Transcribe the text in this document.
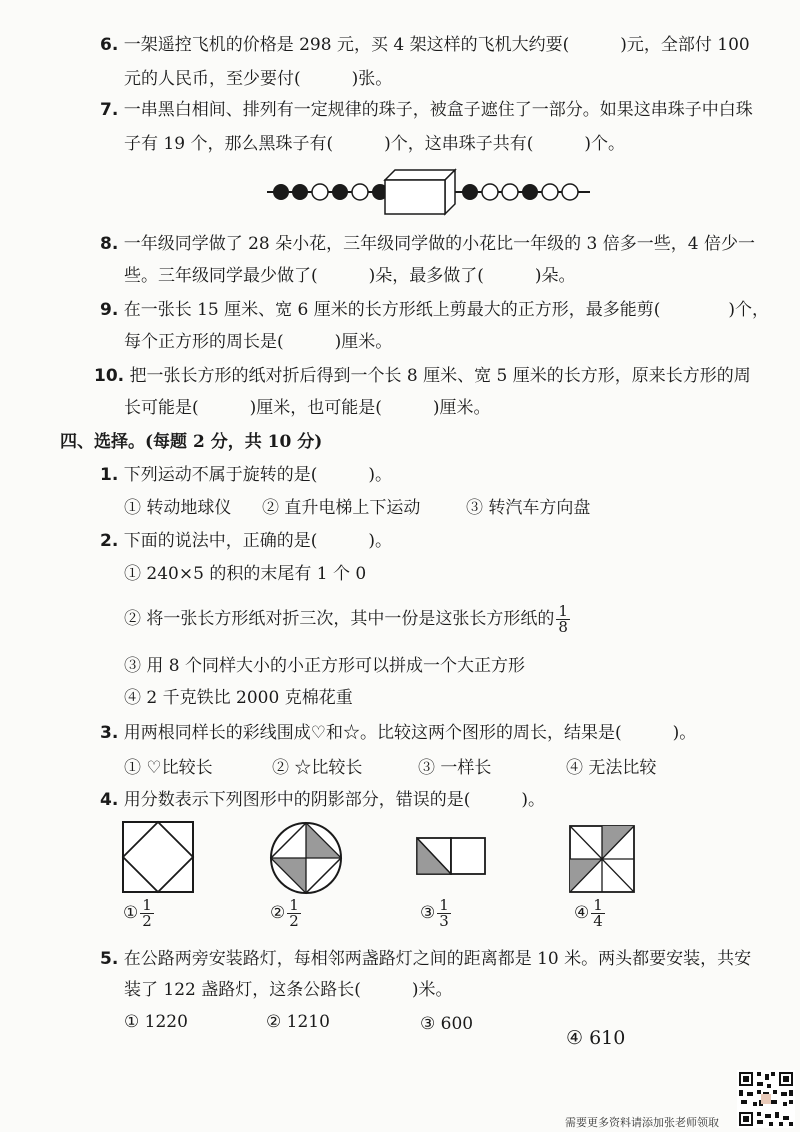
6. 一架遥控飞机的价格是 298 元，买 4 架这样的飞机大约要(　　　)元，全部付 100
元的人民币，至少要付(　　　)张。
7. 一串黑白相间、排列有一定规律的珠子，被盒子遮住了一部分。如果这串珠子中白珠
子有 19 个，那么黑珠子有(　　　)个，这串珠子共有(　　　)个。
8. 一年级同学做了 28 朵小花，三年级同学做的小花比一年级的 3 倍多一些，4 倍少一
些。三年级同学最少做了(　　　)朵，最多做了(　　　)朵。
9. 在一张长 15 厘米、宽 6 厘米的长方形纸上剪最大的正方形，最多能剪(　　　　)个，
每个正方形的周长是(　　　)厘米。
10. 把一张长方形的纸对折后得到一个长 8 厘米、宽 5 厘米的长方形，原来长方形的周
长可能是(　　　)厘米，也可能是(　　　)厘米。
四、选择。(每题 2 分，共 10 分)
1. 下列运动不属于旋转的是(　　　)。
① 转动地球仪 ② 直升电梯上下运动	③ 转汽车方向盘
2. 下面的说法中，正确的是(　　　)。
① 240×5 的积的末尾有 1 个 0
② 将一张长方形纸对折三次，其中一份是这张长方形纸的 $\frac{1}{8}$
③ 用 8 个同样大小的小正方形可以拼成一个大正方形
④ 2 千克铁比 2000 克棉花重
3. 用两根同样长的彩线围成♡和☆。比较这两个图形的周长，结果是(　　　)。
① ♡比较长	② ☆比较长	③ 一样长	④ 无法比较
4. 用分数表示下列图形中的阴影部分，错误的是(　　　)。
① $\frac{1}{2}$	② $\frac{1}{2}$	③ $\frac{1}{3}$	④ $\frac{1}{4}$
5. 在公路两旁安装路灯，每相邻两盏路灯之间的距离都是 10 米。两头都要安装，共安
装了 122 盏路灯，这条公路长(　　　)米。
① 1220	② 1210	③ 600
④ 610
需要更多资料请添加张老师领取
